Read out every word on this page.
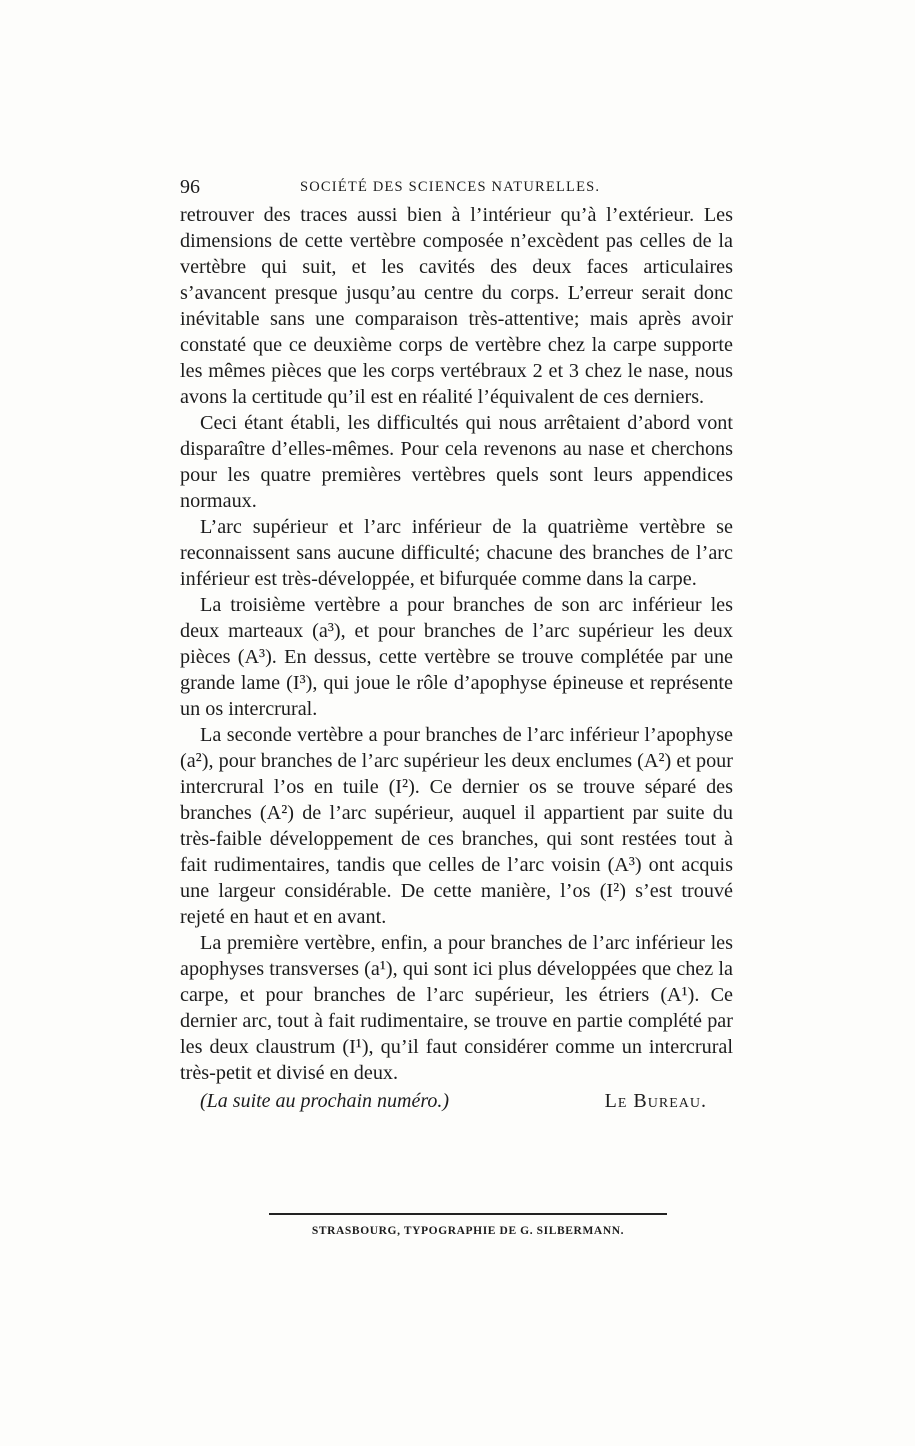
96	SOCIÉTÉ DES SCIENCES NATURELLES.

retrouver des traces aussi bien à l’intérieur qu’à l’extérieur. Les dimensions de cette vertèbre composée n’excèdent pas celles de la vertèbre qui suit, et les cavités des deux faces articulaires s’avancent presque jusqu’au centre du corps. L’erreur serait donc inévitable sans une comparaison très-attentive; mais après avoir constaté que ce deuxième corps de vertèbre chez la carpe supporte les mêmes pièces que les corps vertébraux 2 et 3 chez le nase, nous avons la certitude qu’il est en réalité l’équivalent de ces derniers.

Ceci étant établi, les difficultés qui nous arrêtaient d’abord vont disparaître d’elles-mêmes. Pour cela revenons au nase et cherchons pour les quatre premières vertèbres quels sont leurs appendices normaux.

L’arc supérieur et l’arc inférieur de la quatrième vertèbre se reconnaissent sans aucune difficulté; chacune des branches de l’arc inférieur est très-développée, et bifurquée comme dans la carpe.

La troisième vertèbre a pour branches de son arc inférieur les deux marteaux (a³), et pour branches de l’arc supérieur les deux pièces (A³). En dessus, cette vertèbre se trouve complétée par une grande lame (I³), qui joue le rôle d’apophyse épineuse et représente un os intercrural.

La seconde vertèbre a pour branches de l’arc inférieur l’apophyse (a²), pour branches de l’arc supérieur les deux enclumes (A²) et pour intercrural l’os en tuile (I²). Ce dernier os se trouve séparé des branches (A²) de l’arc supérieur, auquel il appartient par suite du très-faible développement de ces branches, qui sont restées tout à fait rudimentaires, tandis que celles de l’arc voisin (A³) ont acquis une largeur considérable. De cette manière, l’os (I²) s’est trouvé rejeté en haut et en avant.

La première vertèbre, enfin, a pour branches de l’arc inférieur les apophyses transverses (a¹), qui sont ici plus développées que chez la carpe, et pour branches de l’arc supérieur, les étriers (A¹). Ce dernier arc, tout à fait rudimentaire, se trouve en partie complété par les deux claustrum (I¹), qu’il faut considérer comme un intercrural très-petit et divisé en deux.

(La suite au prochain numéro.)	Le Bureau.
STRASBOURG, TYPOGRAPHIE DE G. SILBERMANN.
